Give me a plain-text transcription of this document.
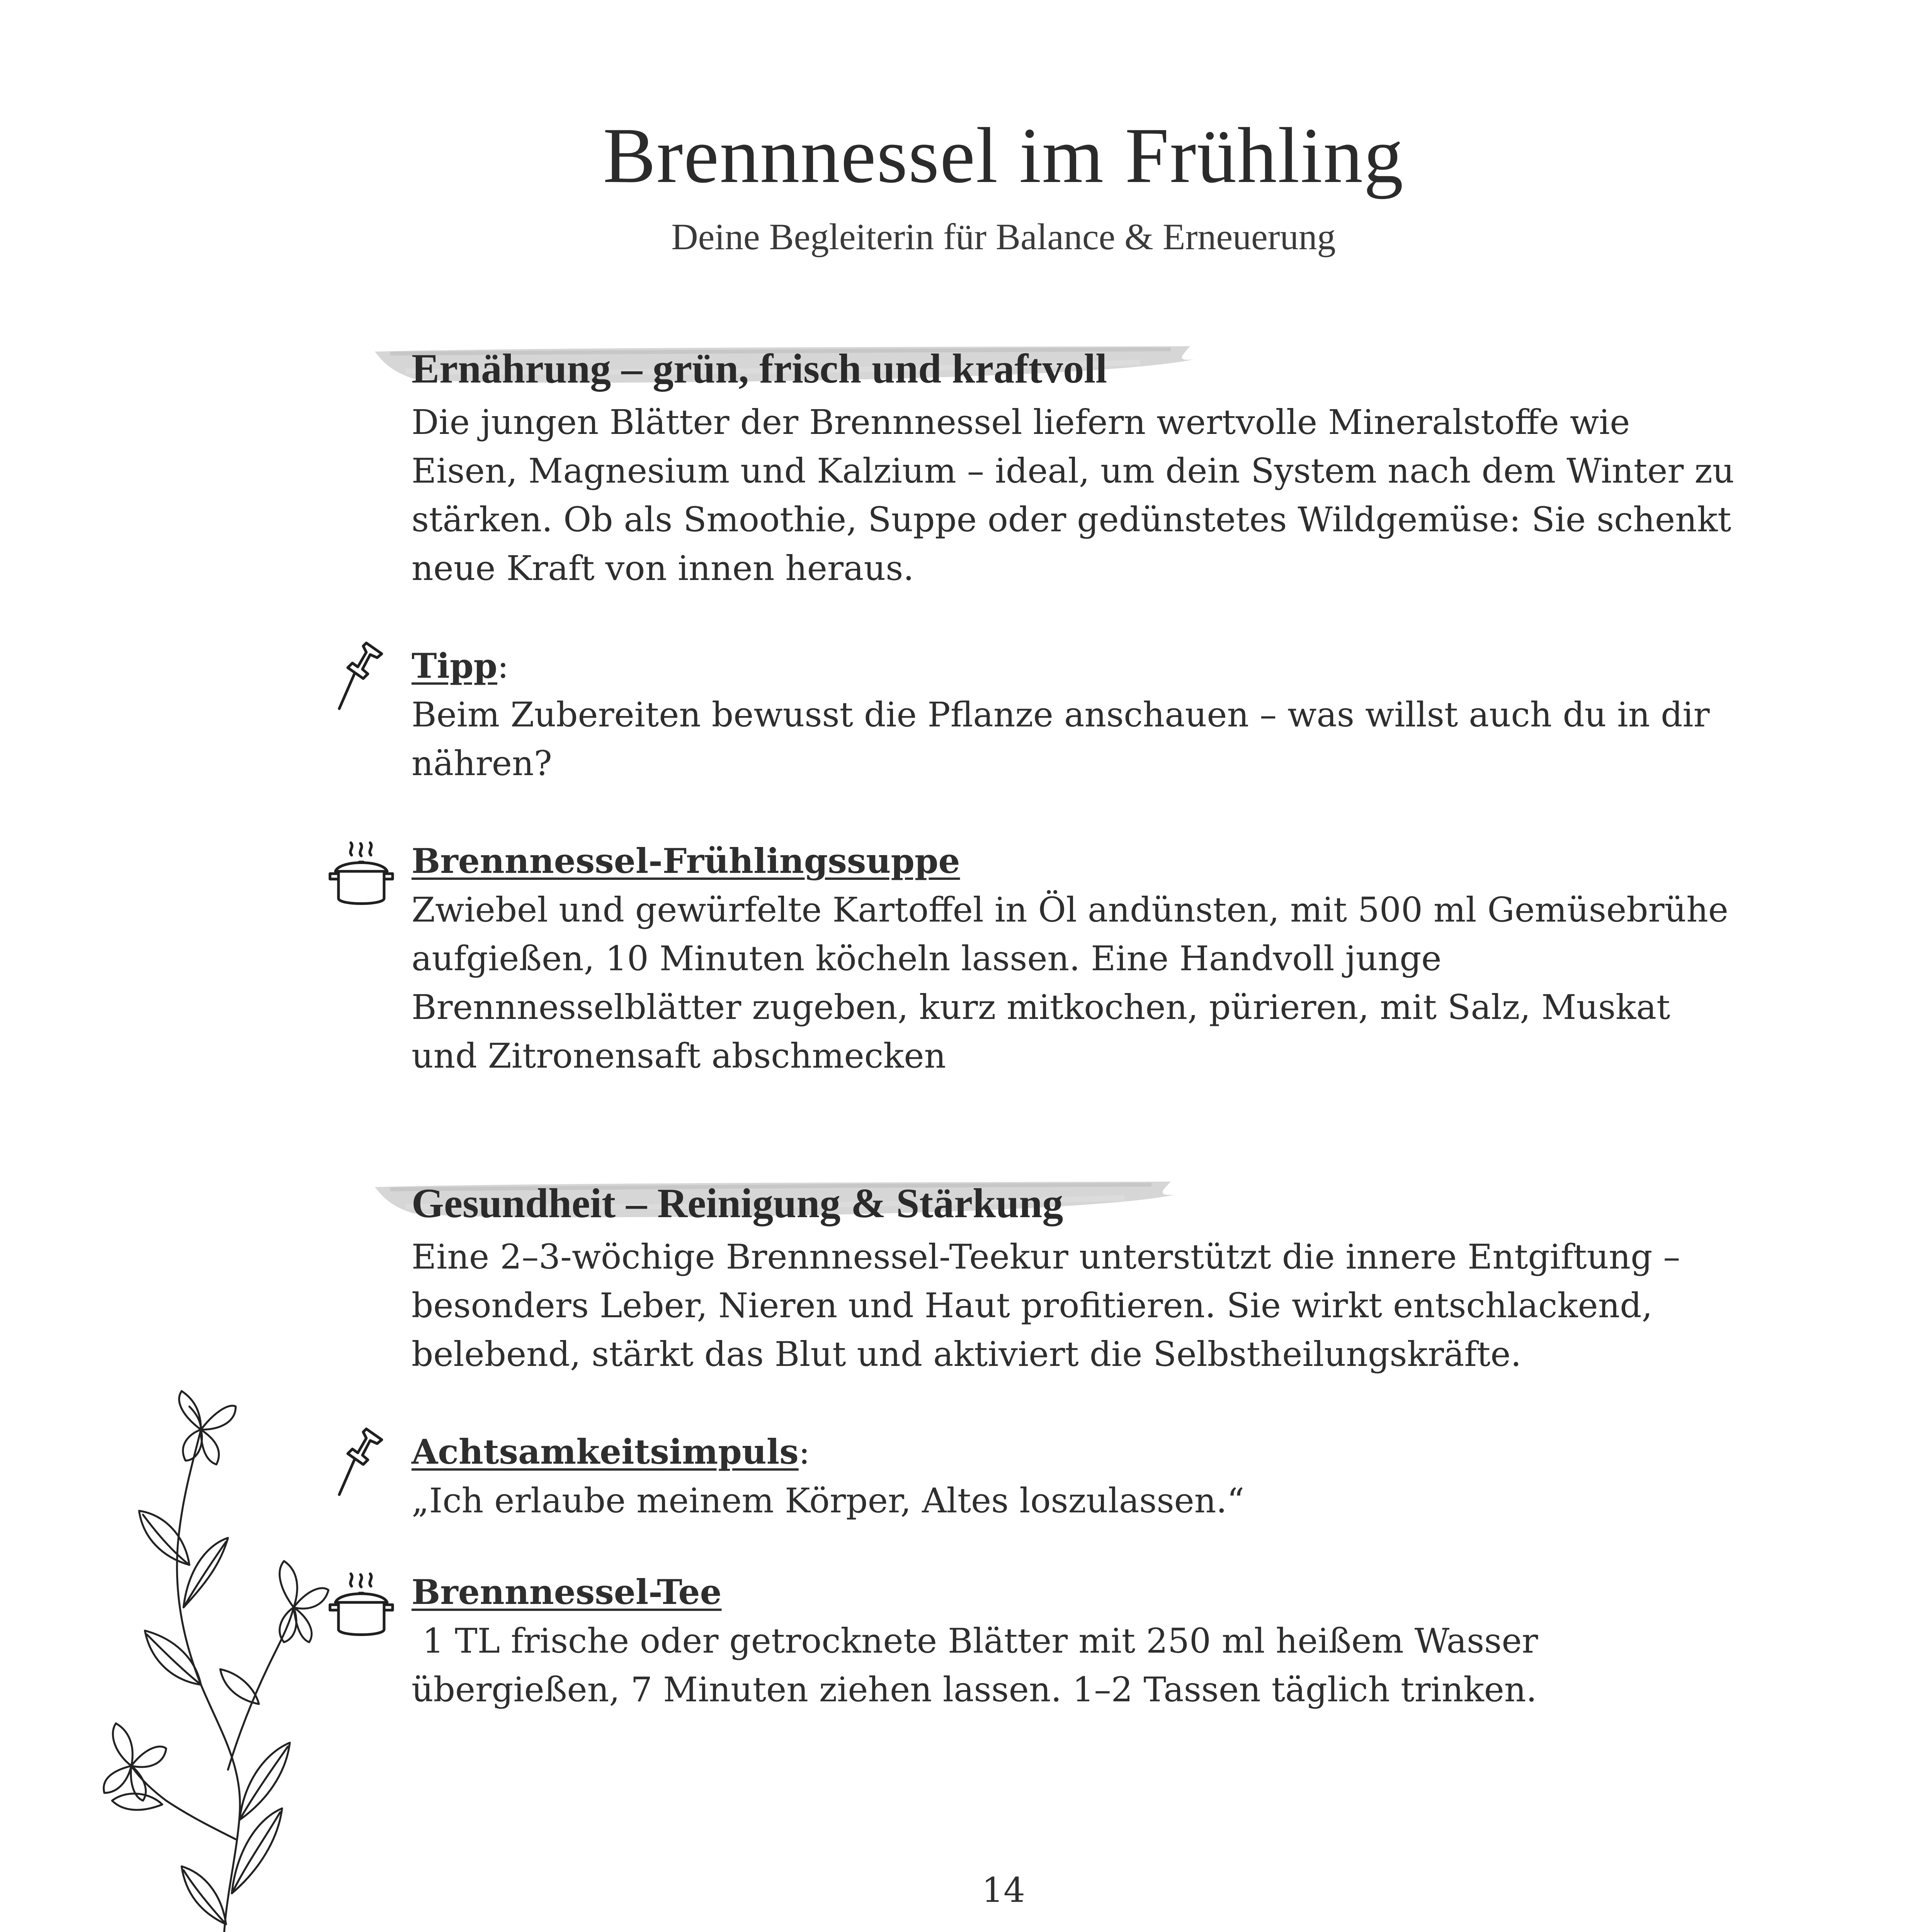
Brennnessel im Frühling

Deine Begleiterin für Balance & Erneuerung

Ernährung – grün, frisch und kraftvoll

Die jungen Blätter der Brennnessel liefern wertvolle Mineralstoffe wie Eisen, Magnesium und Kalzium – ideal, um dein System nach dem Winter zu stärken. Ob als Smoothie, Suppe oder gedünstetes Wildgemüse: Sie schenkt neue Kraft von innen heraus.

Tipp:

Beim Zubereiten bewusst die Pflanze anschauen – was willst auch du in dir nähren?

Brennnessel-Frühlingssuppe

Zwiebel und gewürfelte Kartoffel in Öl andünsten, mit 500 ml Gemüsebrühe aufgießen, 10 Minuten köcheln lassen. Eine Handvoll junge Brennnesselblätter zugeben, kurz mitkochen, pürieren, mit Salz, Muskat und Zitronensaft abschmecken

Gesundheit – Reinigung & Stärkung

Eine 2–3-wöchige Brennnessel-Teekur unterstützt die innere Entgiftung – besonders Leber, Nieren und Haut profitieren. Sie wirkt entschlackend, belebend, stärkt das Blut und aktiviert die Selbstheilungskräfte.

Achtsamkeitsimpuls:

„Ich erlaube meinem Körper, Altes loszulassen.“

Brennnessel-Tee

1 TL frische oder getrocknete Blätter mit 250 ml heißem Wasser übergießen, 7 Minuten ziehen lassen. 1–2 Tassen täglich trinken.

14
